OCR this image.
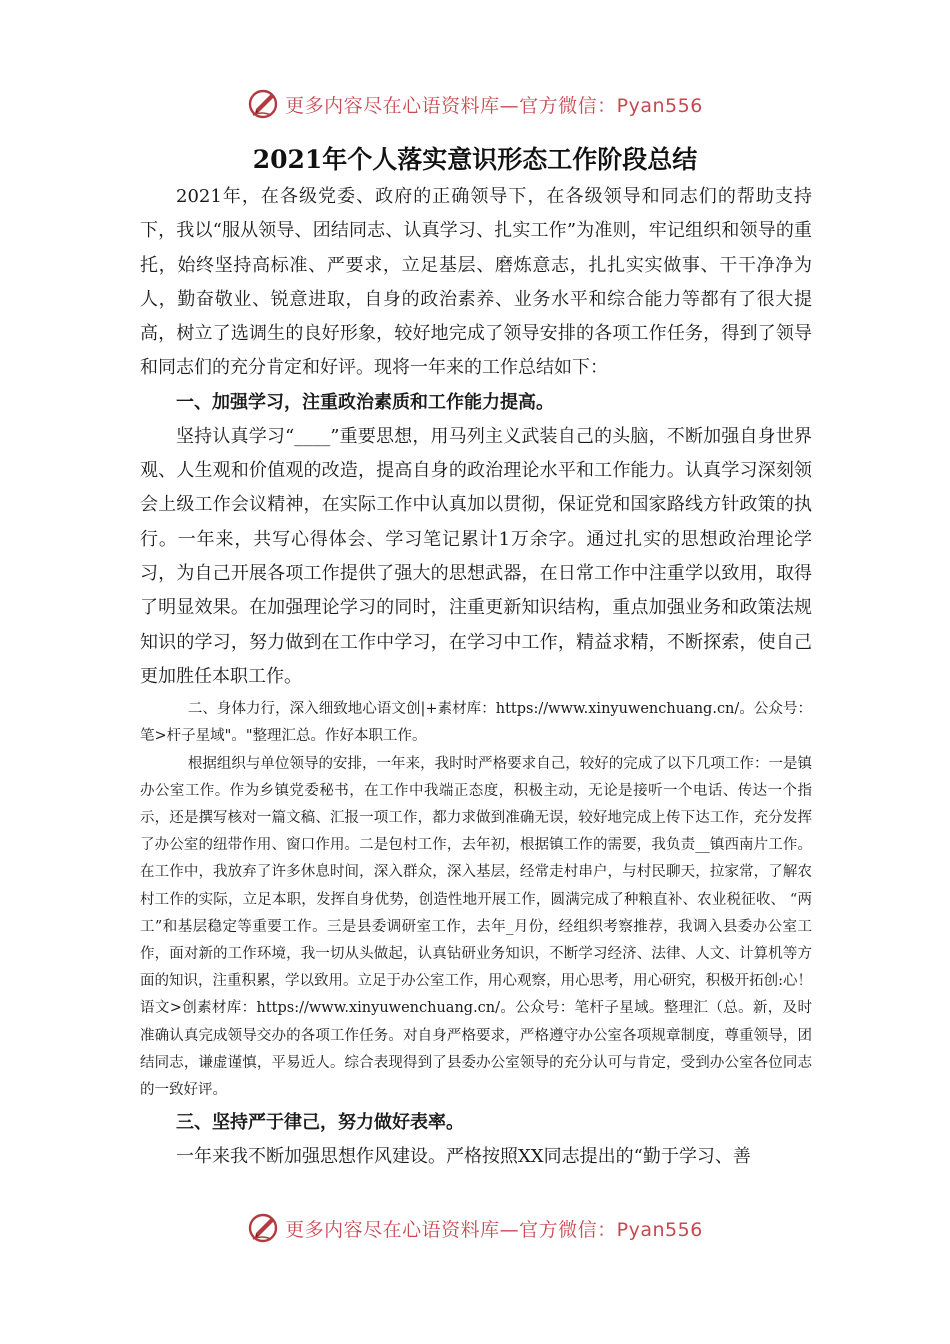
更多内容尽在心语资料库—官方微信：Pyan556
2021年个人落实意识形态工作阶段总结

2021年，在各级党委、政府的正确领导下，在各级领导和同志们的帮助支持下，我以“服从领导、团结同志、认真学习、扎实工作”为准则，牢记组织和领导的重托，始终坚持高标准、严要求，立足基层、磨炼意志，扎扎实实做事、干干净净为人，勤奋敬业、锐意进取，自身的政治素养、业务水平和综合能力等都有了很大提高，树立了选调生的良好形象，较好地完成了领导安排的各项工作任务，得到了领导和同志们的充分肯定和好评。现将一年来的工作总结如下：

一、加强学习，注重政治素质和工作能力提高。

坚持认真学习“____”重要思想，用马列主义武装自己的头脑，不断加强自身世界观、人生观和价值观的改造，提高自身的政治理论水平和工作能力。认真学习深刻领会上级工作会议精神，在实际工作中认真加以贯彻，保证党和国家路线方针政策的执行。一年来，共写心得体会、学习笔记累计1万余字。通过扎实的思想政治理论学习，为自己开展各项工作提供了强大的思想武器，在日常工作中注重学以致用，取得了明显效果。在加强理论学习的同时，注重更新知识结构，重点加强业务和政策法规知识的学习，努力做到在工作中学习，在学习中工作，精益求精，不断探索，使自己更加胜任本职工作。

二、身体力行，深入细致地心语文创|+素材库：https://www.xinyuwenchuang.cn/。公众号：笔>杆子星域"。"整理汇总。作好本职工作。

根据组织与单位领导的安排，一年来，我时时严格要求自己，较好的完成了以下几项工作：一是镇办公室工作。作为乡镇党委秘书，在工作中我端正态度，积极主动，无论是接听一个电话、传达一个指示，还是撰写核对一篇文稿、汇报一项工作，都力求做到准确无误，较好地完成上传下达工作，充分发挥了办公室的纽带作用、窗口作用。二是包村工作，去年初，根据镇工作的需要，我负责__镇西南片工作。在工作中，我放弃了许多休息时间，深入群众，深入基层，经常走村串户，与村民聊天，拉家常，了解农村工作的实际，立足本职，发挥自身优势，创造性地开展工作，圆满完成了种粮直补、农业税征收、 “两工”和基层稳定等重要工作。三是县委调研室工作，去年_月份，经组织考察推荐，我调入县委办公室工作，面对新的工作环境，我一切从头做起，认真钻研业务知识，不断学习经济、法律、人文、计算机等方面的知识，注重积累，学以致用。立足于办公室工作，用心观察，用心思考，用心研究，积极开拓创:心！语文>创素材库：https://www.xinyuwenchuang.cn/。公众号：笔杆子星域。整理汇（总。新，及时准确认真完成领导交办的各项工作任务。对自身严格要求，严格遵守办公室各项规章制度，尊重领导，团结同志，谦虚谨慎，平易近人。综合表现得到了县委办公室领导的充分认可与肯定，受到办公室各位同志的一致好评。

三、坚持严于律己，努力做好表率。

一年来我不断加强思想作风建设。严格按照XX同志提出的“勤于学习、善

更多内容尽在心语资料库—官方微信：Pyan556
